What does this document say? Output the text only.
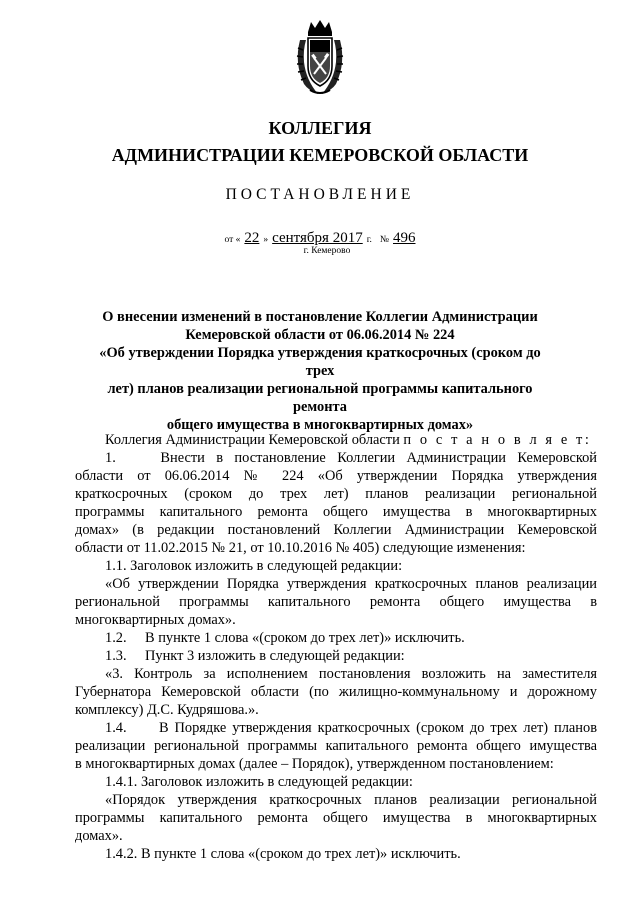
КОЛЛЕГИЯ
АДМИНИСТРАЦИИ КЕМЕРОВСКОЙ ОБЛАСТИ
ПОСТАНОВЛЕНИЕ
от « 22 » сентября 2017 г. № 496
г. Кемерово
О внесении изменений в постановление Коллегии Администрации
Кемеровской области от 06.06.2014 № 224
«Об утверждении Порядка утверждения краткосрочных (сроком до трех
лет) планов реализации региональной программы капитального ремонта
общего имущества в многоквартирных домах»
Коллегия Администрации Кемеровской области п о с т а н о в л я е т:
1.	Внести в постановление Коллегии Администрации Кемеровской
области от 06.06.2014 № 224 «Об утверждении Порядка утверждения
краткосрочных (сроком до трех лет) планов реализации региональной
программы капитального ремонта общего имущества в многоквартирных
домах» (в редакции постановлений Коллегии Администрации Кемеровской
области от 11.02.2015 № 21, от 10.10.2016 № 405) следующие изменения:
1.1. Заголовок изложить в следующей редакции:
«Об утверждении Порядка утверждения краткосрочных планов реализации
региональной программы капитального ремонта общего имущества в
многоквартирных домах».
1.2. В пункте 1 слова «(сроком до трех лет)» исключить.
1.3. Пункт 3 изложить в следующей редакции:
«3. Контроль за исполнением постановления возложить на заместителя
Губернатора Кемеровской области (по жилищно-коммунальному и дорожному
комплексу) Д.С. Кудряшова.».
1.4. В Порядке утверждения краткосрочных (сроком до трех лет) планов
реализации региональной программы капитального ремонта общего имущества
в многоквартирных домах (далее – Порядок), утвержденном постановлением:
1.4.1. Заголовок изложить в следующей редакции:
«Порядок утверждения краткосрочных планов реализации региональной
программы капитального ремонта общего имущества в многоквартирных
домах».
1.4.2. В пункте 1 слова «(сроком до трех лет)» исключить.
